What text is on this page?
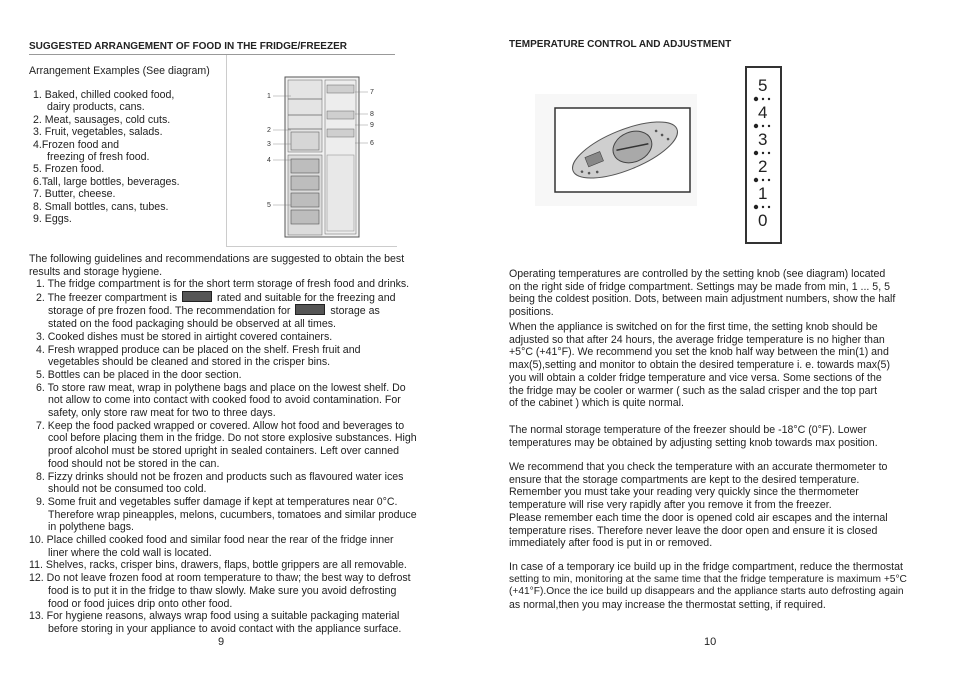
SUGGESTED ARRANGEMENT OF FOOD IN THE FRIDGE/FREEZER
Arrangement Examples (See diagram)
1. Baked, chilled cooked food,
dairy products, cans.
2. Meat, sausages, cold cuts.
3. Fruit, vegetables, salads.
4.Frozen food and
freezing of fresh food.
5. Frozen food.
6.Tall, large bottles, beverages.
7. Butter, cheese.
8. Small bottles, cans, tubes.
9. Eggs.
1
2
3
4
5
7
8
9
6
The following guidelines and recommendations are suggested to obtain the best
results and storage hygiene.
1. The fridge compartment is for the short term storage of fresh food and drinks.
2. The freezer compartment is	rated and suitable for the freezing and
storage of pre frozen food. The recommendation for	storage as
stated on the food packaging should be observed at all times.
3. Cooked dishes must be stored in airtight covered containers.
4. Fresh wrapped produce can be placed on the shelf. Fresh fruit and
vegetables should be cleaned and stored in the crisper bins.
5. Bottles can be placed in the door section.
6. To store raw meat, wrap in polythene bags and place on the lowest shelf. Do
not allow to come into contact with cooked food to avoid contamination. For
safety, only store raw meat for two to three days.
7. Keep the food packed wrapped or covered. Allow hot food and beverages to
cool before placing them in the fridge. Do not store explosive substances. High
proof alcohol must be stored upright in sealed containers. Left over canned
food should not be stored in the can.
8. Fizzy drinks should not be frozen and products such as flavoured water ices
should not be consumed too cold.
9. Some fruit and vegetables suffer damage if kept at temperatures near 0°C.
Therefore wrap pineapples, melons, cucumbers, tomatoes and similar produce
in polythene bags.
10. Place chilled cooked food and similar food near the rear of the fridge inner
liner where the cold wall is located.
11. Shelves, racks, crisper bins, drawers, flaps, bottle grippers are all removable.
12. Do not leave frozen food at room temperature to thaw; the best way to defrost
food is to put it in the fridge to thaw slowly. Make sure you avoid defrosting
food or food juices drip onto other food.
13. For hygiene reasons, always wrap food using a suitable packaging material
before storing in your appliance to avoid contact with the appliance surface.
9
TEMPERATURE CONTROL AND ADJUSTMENT
5
4
3
2
1
0
Operating temperatures are controlled by the setting knob (see diagram) located
on the right side of fridge compartment. Settings may be made from min, 1 ... 5, 5
being the coldest position. Dots, between main adjustment numbers, show the half
positions.
When the appliance is switched on for the first time, the setting knob should be
adjusted so that after 24 hours, the average fridge temperature is no higher than
+5°C (+41°F). We recommend you set the knob half way between the min(1) and
max(5),setting and monitor to obtain the desired temperature i. e. towards max(5)
you will obtain a colder fridge temperature and vice versa. Some sections of the
the fridge may be cooler or warmer ( such as the salad crisper and the top part
of the cabinet ) which is quite normal.
The normal storage temperature of the freezer should be -18°C (0°F). Lower
temperatures may be obtained by adjusting setting knob towards max position.
We recommend that you check the temperature with an accurate thermometer to
ensure that the storage compartments are kept to the desired temperature.
Remember you must take your reading very quickly since the thermometer
temperature will rise very rapidly after you remove it from the freezer.
Please remember each time the door is opened cold air escapes and the internal
temperature rises. Therefore never leave the door open and ensure it is closed
immediately after food is put in or removed.
In case of a temporary ice build up in the fridge compartment, reduce the thermostat
setting to min, monitoring at the same time that the fridge temperature is maximum +5°C
(+41°F).Once the ice build up disappears and the appliance starts auto defrosting again
as normal,then you may increase the thermostat setting, if required.
10
